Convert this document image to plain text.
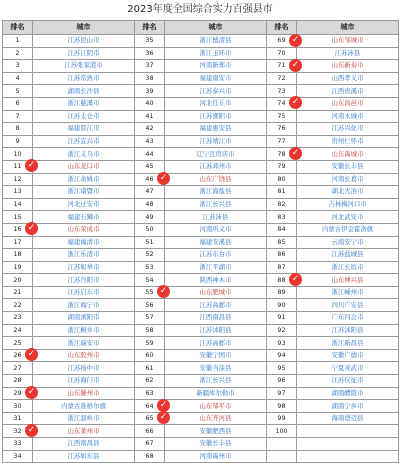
2023年度全国综合实力百强县市
排名	城市	排名	城市	排名	城市
1	江苏昆山市	35	浙江德清县	69	✓ 山东邹城市
2	江苏江阴市	36	浙江玉环市	70	江苏沛县
3	江苏张家港市	37	河南新郑市	71	✓ 山东新泰市
4	江苏常熟市	38	福建南安市	72	山西孝义市
5	湖南长沙县	39	江苏泰兴市	73	江西贵溪市
6	浙江慈溪市	40	河北任丘市	74	✓ 山东昌邑市
7	江苏太仓市	41	江苏溧阳市	75	河南永城市
8	福建晋江市	42	福建惠安县	76	江苏兴化市
9	江苏宜兴市	43	江苏靖江市	77	贵州仁怀市
10	浙江义乌市	44	辽宁瓦房店市	78	✓ 山东禹城市
11	✓ 山东龙口市	45	江苏邳州市	79	安徽长丰县
12	浙江余姚市	46	✓ 山东广饶县	80	河南长葛市
13	浙江诸暨市	47	浙江海盐县	81	湖北大冶市
14	河北迁安市	48	浙江长兴县	82	吉林梅河口市
15	福建石狮市	49	江苏沛县	83	河北武安市
16	✓ 山东荣成市	50	河南巩义市	84	内蒙古伊金霍洛旗
17	福建福清市	51	福建安溪县	85	云南安宁市
18	浙江乐清市	52	江苏东台市	86	江苏盐城县
19	江苏如皋市	53	浙江平湖市	87	浙江长垣市
20	江苏丹阳市	54	陕西神木市	88	✓ 山东博兴县
21	江苏启东市	55	✓ 山东肥城市	89	浙江嵊州市
22	浙江海宁市	56	江苏高邮市	90	四川广安县
23	湖南浏阳市	57	江西南昌县	91	广东四会市
24	浙江桐乡市	58	江苏沭阳县	92	江苏沭阳县
25	浙江瑞安市	59	江苏高邮市	93	浙江新昌县
26	✓ 山东胶州市	60	安徽宁国市	94	安徽广德市
27	江苏扬中市	61	安徽当涂县	95	宁夏灵武市
28	江苏海门市	62	浙江长兴县	96	江苏仪征市
29	✓ 山东滕州市	63	新疆库尔勒市	97	湖南醴陵市
30	内蒙古准格尔旗	64	✓ 山东邹平市	98	湖南宁乡市
31	浙江温岭市	65	✓ 山东齐河县	99	海南澄迈县
32	✓ 山东莱州市	66	安徽肥西县	100	
33	江西南昌县	67	安徽长丰县		
34	江苏如东县	68	河南禹州市		
